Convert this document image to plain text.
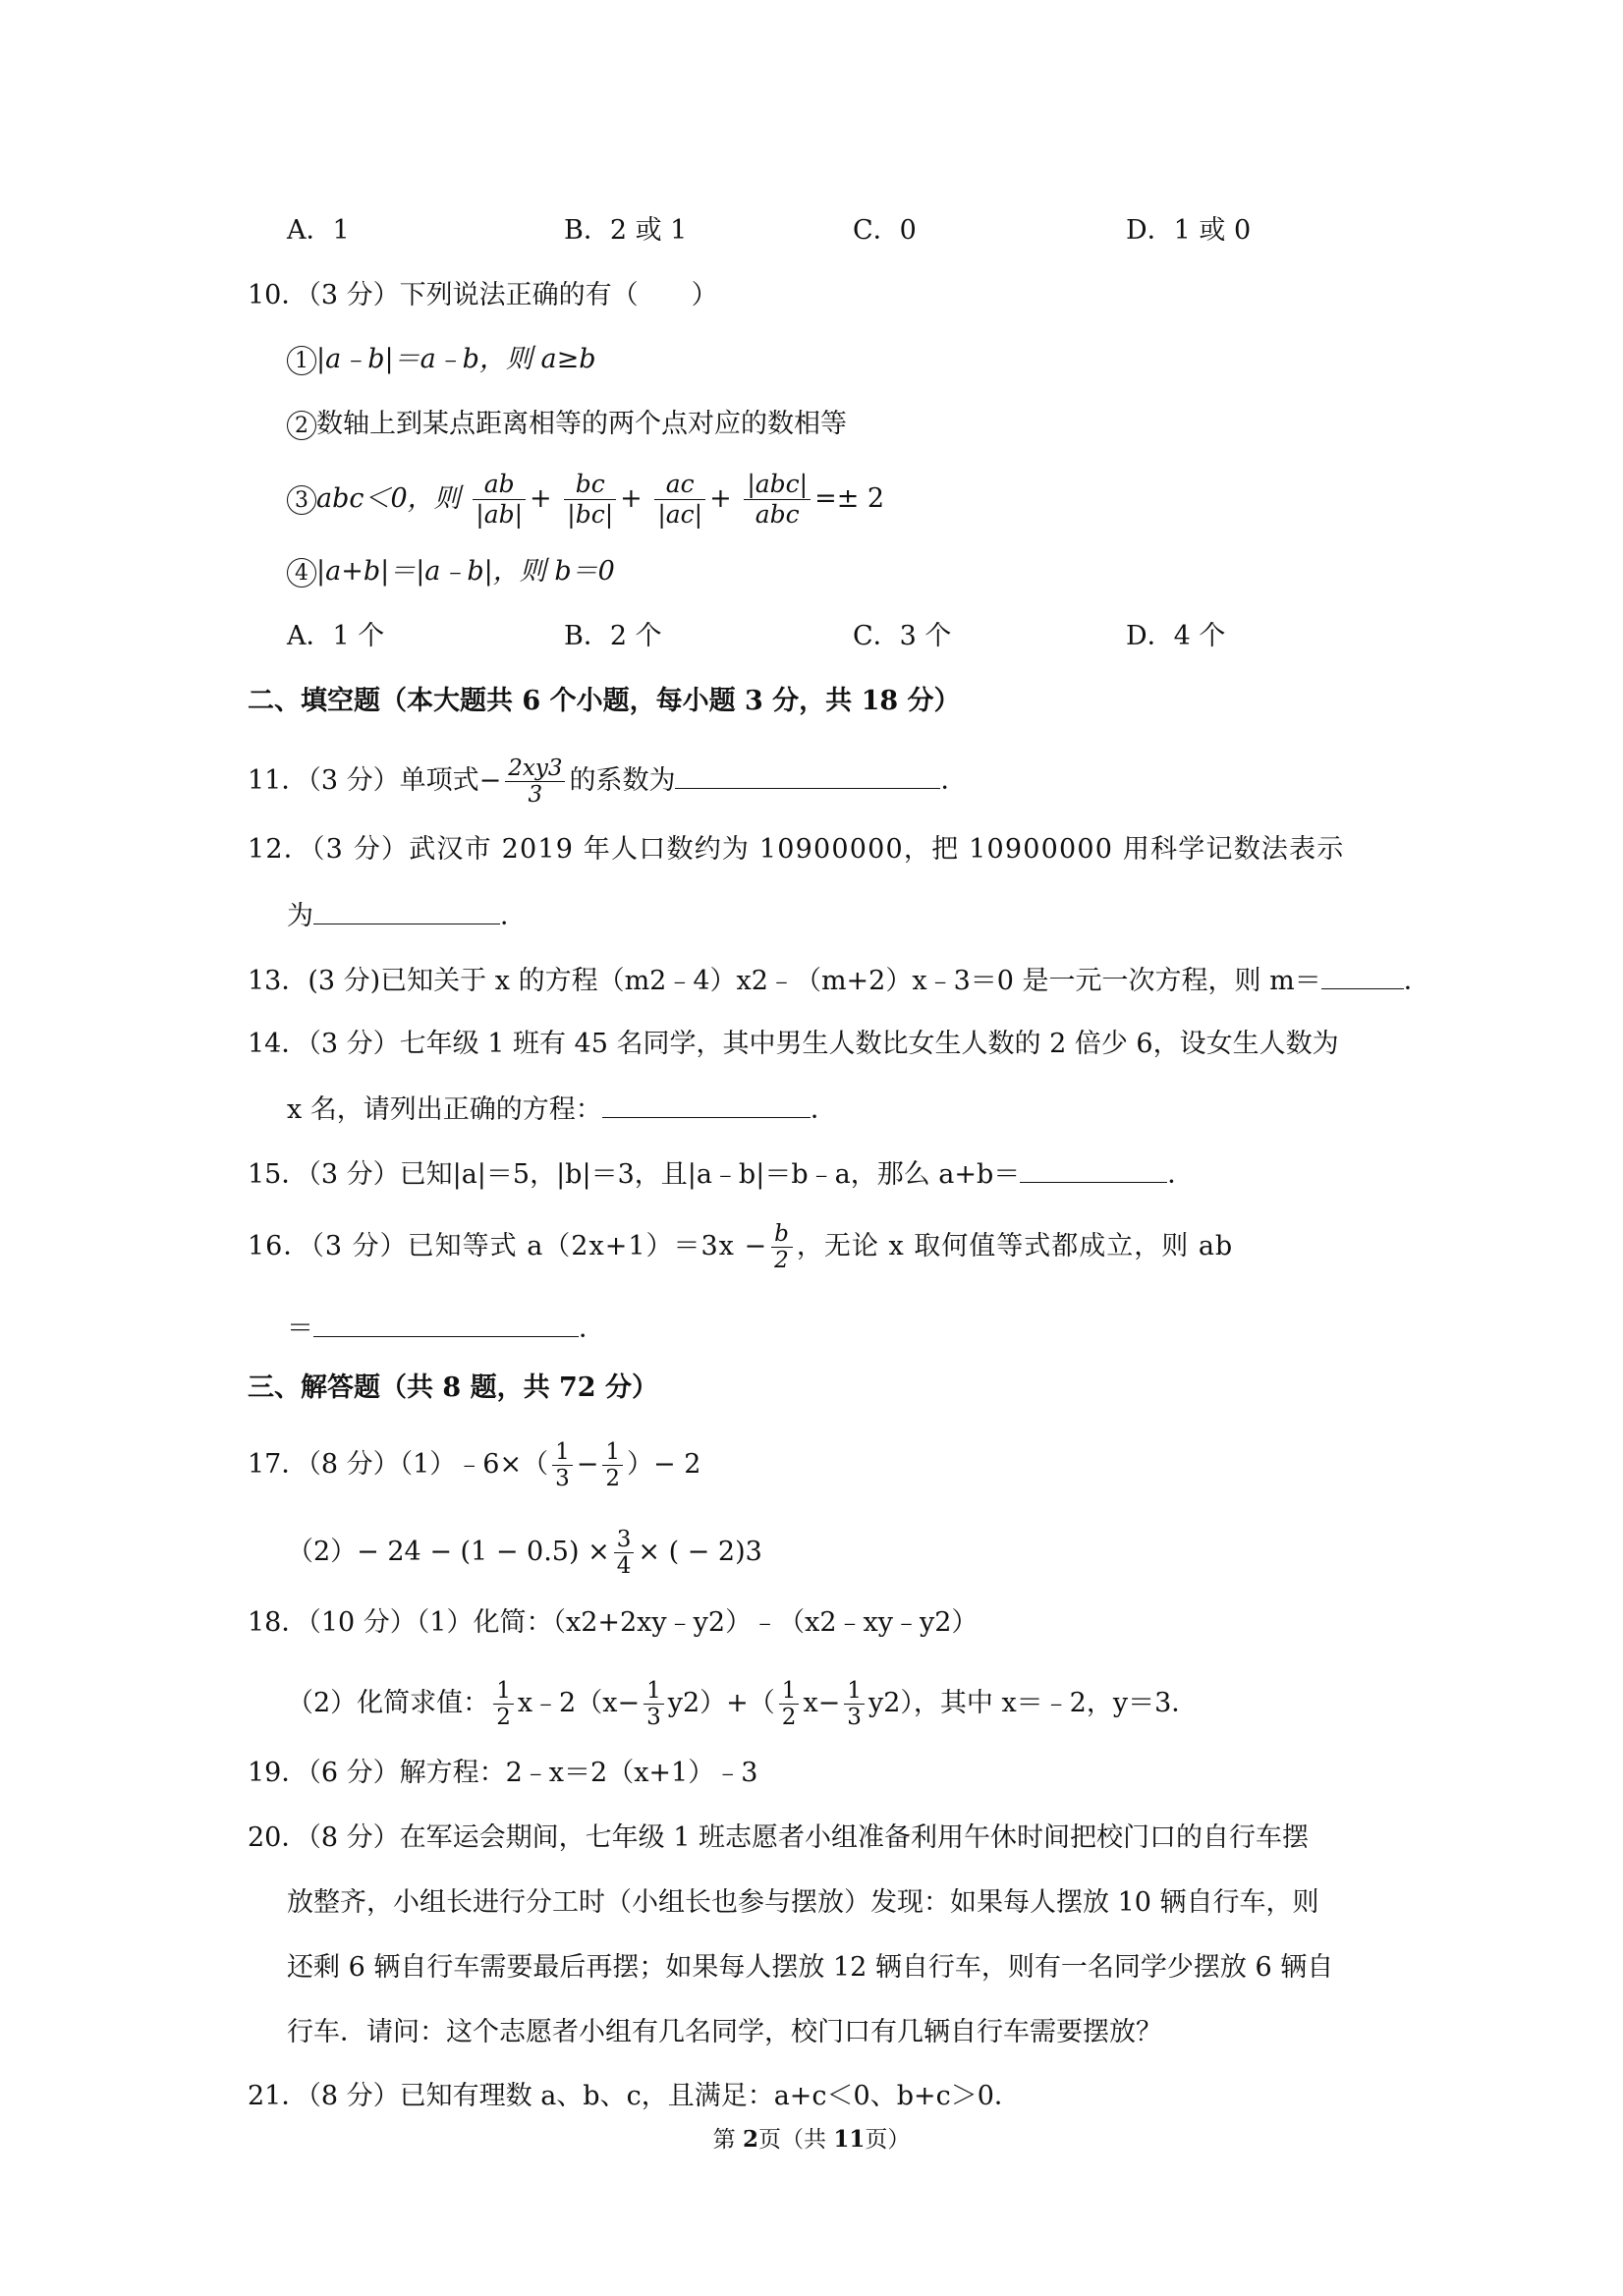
A．1	B．2 或 1	C．0	D．1 或 0
10．（3 分）下列说法正确的有（　　）
1 |a﹣b|＝a﹣b，则 a≥b
2 数轴上到某点距离相等的两个点对应的数相等
3 abc＜0，则 $\frac{ab}{|ab|} + \frac{bc}{|bc|} + \frac{ac}{|ac|} + |abc|$
abc
=± 2
4 |a+b|＝|a﹣b|，则 b＝0
A．1 个	B．2 个	C．3 个	D．4 个
二、填空题（本大题共 6 个小题，每小题 3 分，共 18 分）
11．（3 分）单项式− $\frac{2xy3}{3}$ 的系数为	．
12．（3 分）武汉市 2019 年人口数约为 10900000，把 10900000 用科学记数法表示
为	．
13．(3 分)已知关于 x 的方程（m2﹣4）x2﹣（m+2）x﹣3＝0 是一元一次方程，则 m＝	．
14．（3 分）七年级 1 班有 45 名同学，其中男生人数比女生人数的 2 倍少 6，设女生人数为
x 名，请列出正确的方程：	．
15．（3 分）已知|a|＝5，|b|＝3，且|a﹣b|＝b﹣a，那么 a+b＝	．
16．（3 分）已知等式 $a(2x+1)=3x - \frac{b}{2}$ ，无论 x 取何值等式都成立，则 ab
＝	．
三、解答题（共 8 题，共 72 分）
17．（8 分）（1）﹣6×（ $\frac{1}{3} - \frac{1}{2}$ ）− 2
$(2)- 24 - (1 - 0.5) \times \frac{3}{4}$ × ( − 2)3
18．（10 分）（1）化简：（x2+2xy﹣y2）﹣（x2﹣xy﹣y2）
（2）化简求值： $\frac{1}{2}$ x﹣2（x− $\frac{1}{3} y2)+( \frac{1}{2} x- \frac{1}{3} y2)$，其中 x＝﹣2，y＝3．
19．（6 分）解方程：2﹣x＝2（x+1）﹣3
20．（8 分）在军运会期间，七年级 1 班志愿者小组准备利用午休时间把校门口的自行车摆
放整齐，小组长进行分工时（小组长也参与摆放）发现：如果每人摆放 10 辆自行车，则
还剩 6 辆自行车需要最后再摆；如果每人摆放 12 辆自行车，则有一名同学少摆放 6 辆自
行车．请问：这个志愿者小组有几名同学，校门口有几辆自行车需要摆放？
21．（8 分）已知有理数 a、b、c，且满足：a+c＜0、b+c＞0．
第 2页（共 11页）
